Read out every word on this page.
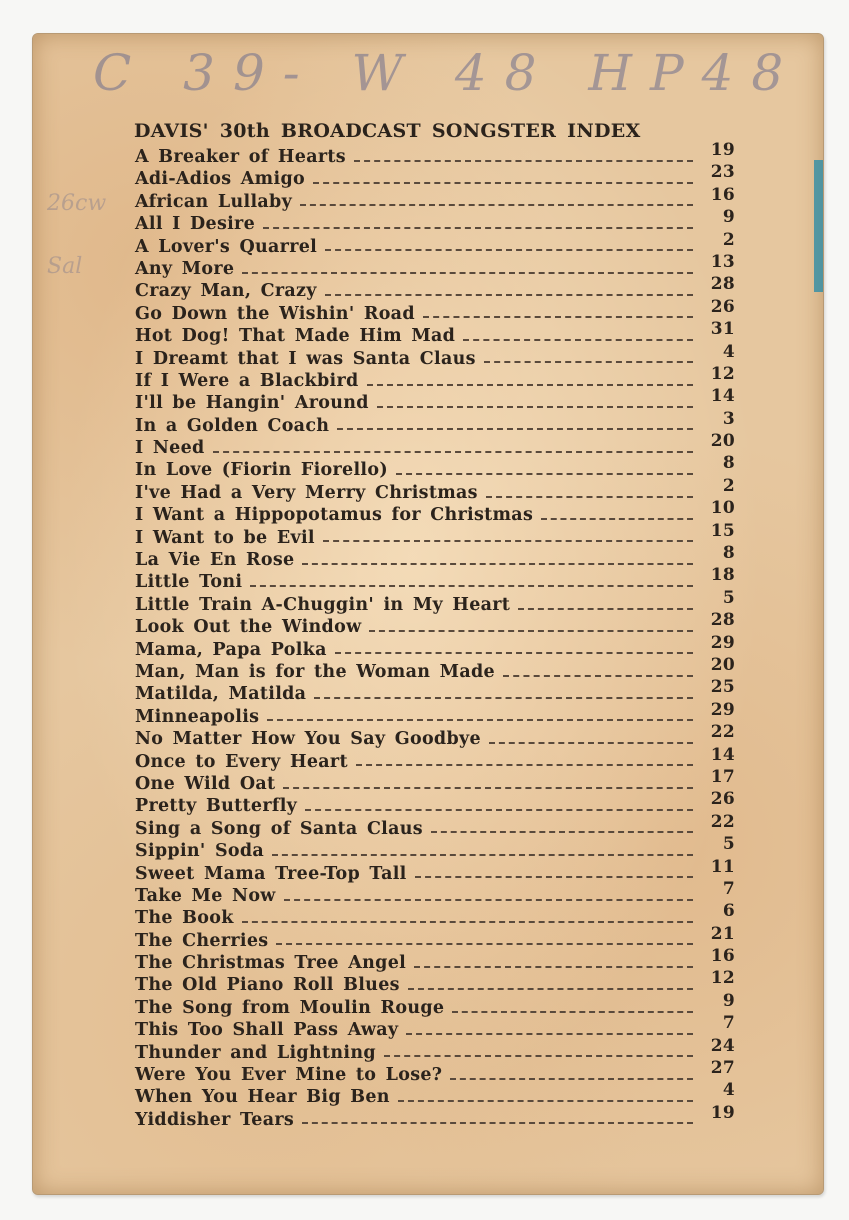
C 39- W 48 HP48
26cw
Sal
DAVIS' 30th BROADCAST SONGSTER INDEX
A Breaker of Hearts	19
Adi-Adios Amigo	23
African Lullaby	16
All I Desire	9
A Lover's Quarrel	2
Any More	13
Crazy Man, Crazy	28
Go Down the Wishin' Road	26
Hot Dog! That Made Him Mad	31
I Dreamt that I was Santa Claus	4
If I Were a Blackbird	12
I'll be Hangin' Around	14
In a Golden Coach	3
I Need	20
In Love (Fiorin Fiorello)	8
I've Had a Very Merry Christmas	2
I Want a Hippopotamus for Christmas	10
I Want to be Evil	15
La Vie En Rose	8
Little Toni	18
Little Train A-Chuggin' in My Heart	5
Look Out the Window	28
Mama, Papa Polka	29
Man, Man is for the Woman Made	20
Matilda, Matilda	25
Minneapolis	29
No Matter How You Say Goodbye	22
Once to Every Heart	14
One Wild Oat	17
Pretty Butterfly	26
Sing a Song of Santa Claus	22
Sippin' Soda	5
Sweet Mama Tree-Top Tall	11
Take Me Now	7
The Book	6
The Cherries	21
The Christmas Tree Angel	16
The Old Piano Roll Blues	12
The Song from Moulin Rouge	9
This Too Shall Pass Away	7
Thunder and Lightning	24
Were You Ever Mine to Lose?	27
When You Hear Big Ben	4
Yiddisher Tears	19
